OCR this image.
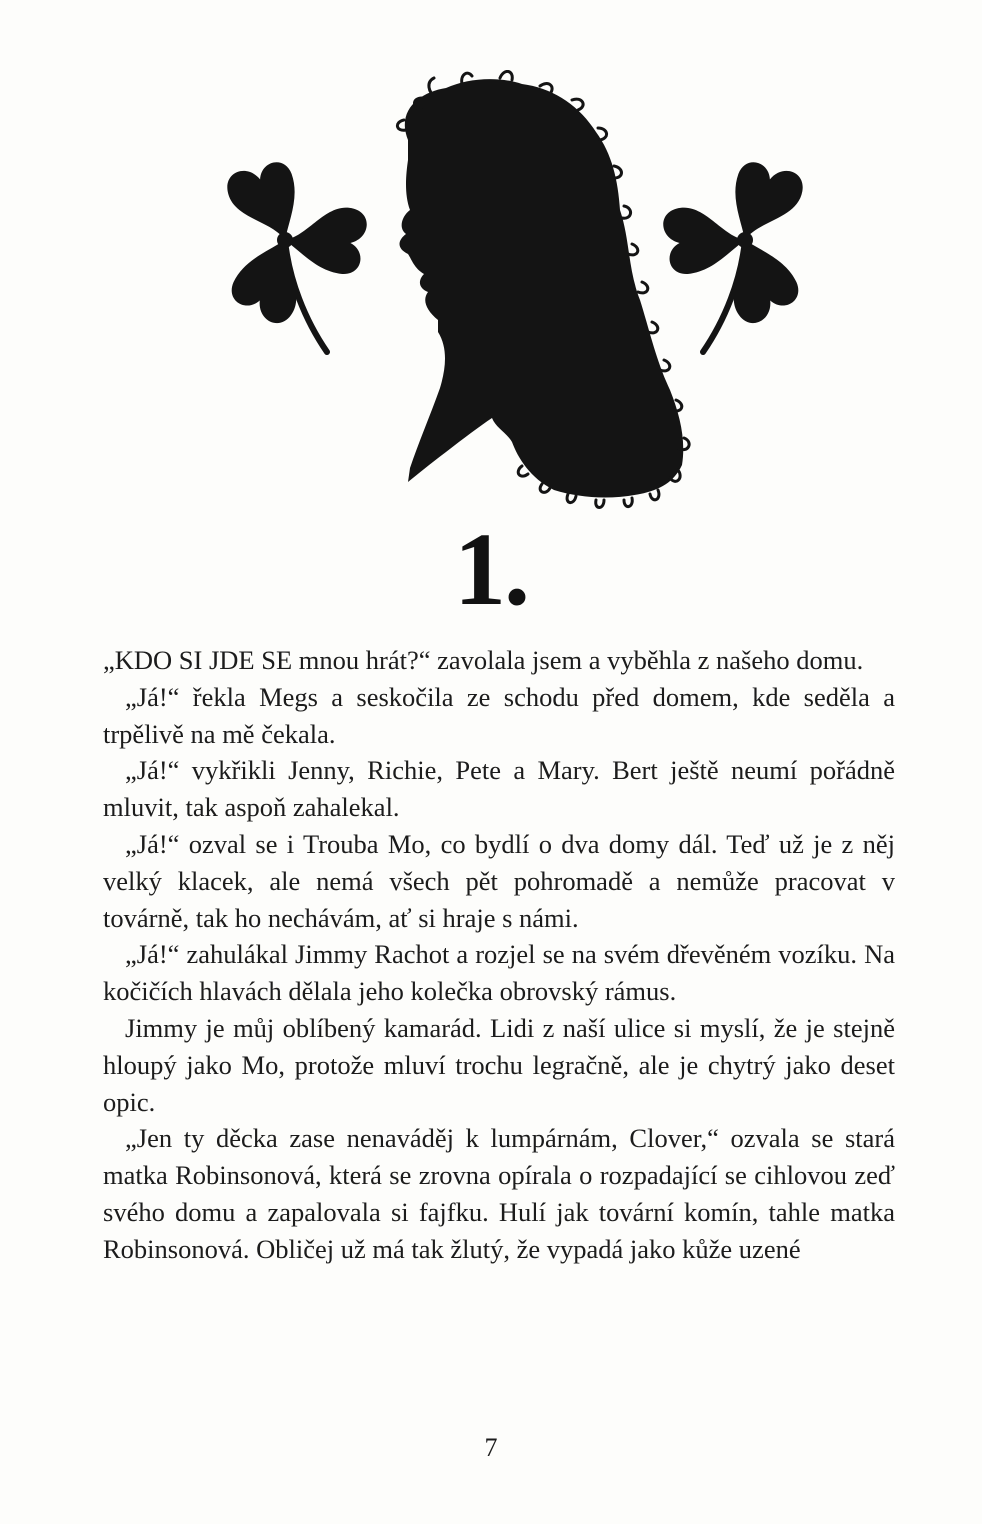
1.

„KDO SI JDE SE mnou hrát?“ zavolala jsem a vyběhla z našeho domu.

„Já!“ řekla Megs a seskočila ze schodu před domem, kde seděla a trpělivě na mě čekala.

„Já!“ vykřikli Jenny, Richie, Pete a Mary. Bert ještě neumí pořádně mluvit, tak aspoň zahalekal.

„Já!“ ozval se i Trouba Mo, co bydlí o dva domy dál. Teď už je z něj velký klacek, ale nemá všech pět pohromadě a nemůže pracovat v továrně, tak ho nechávám, ať si hraje s námi.

„Já!“ zahulákal Jimmy Rachot a rozjel se na svém dřevěném vozíku. Na kočičích hlavách dělala jeho kolečka obrovský rámus.

Jimmy je můj oblíbený kamarád. Lidi z naší ulice si myslí, že je stejně hloupý jako Mo, protože mluví trochu legračně, ale je chytrý jako deset opic.

„Jen ty děcka zase nenaváděj k lumpárnám, Clover,“ ozvala se stará matka Robinsonová, která se zrovna opírala o rozpadající se cihlovou zeď svého domu a zapalovala si fajfku. Hulí jak tovární komín, tahle matka Robinsonová. Obličej už má tak žlutý, že vypadá jako kůže uzené

7
